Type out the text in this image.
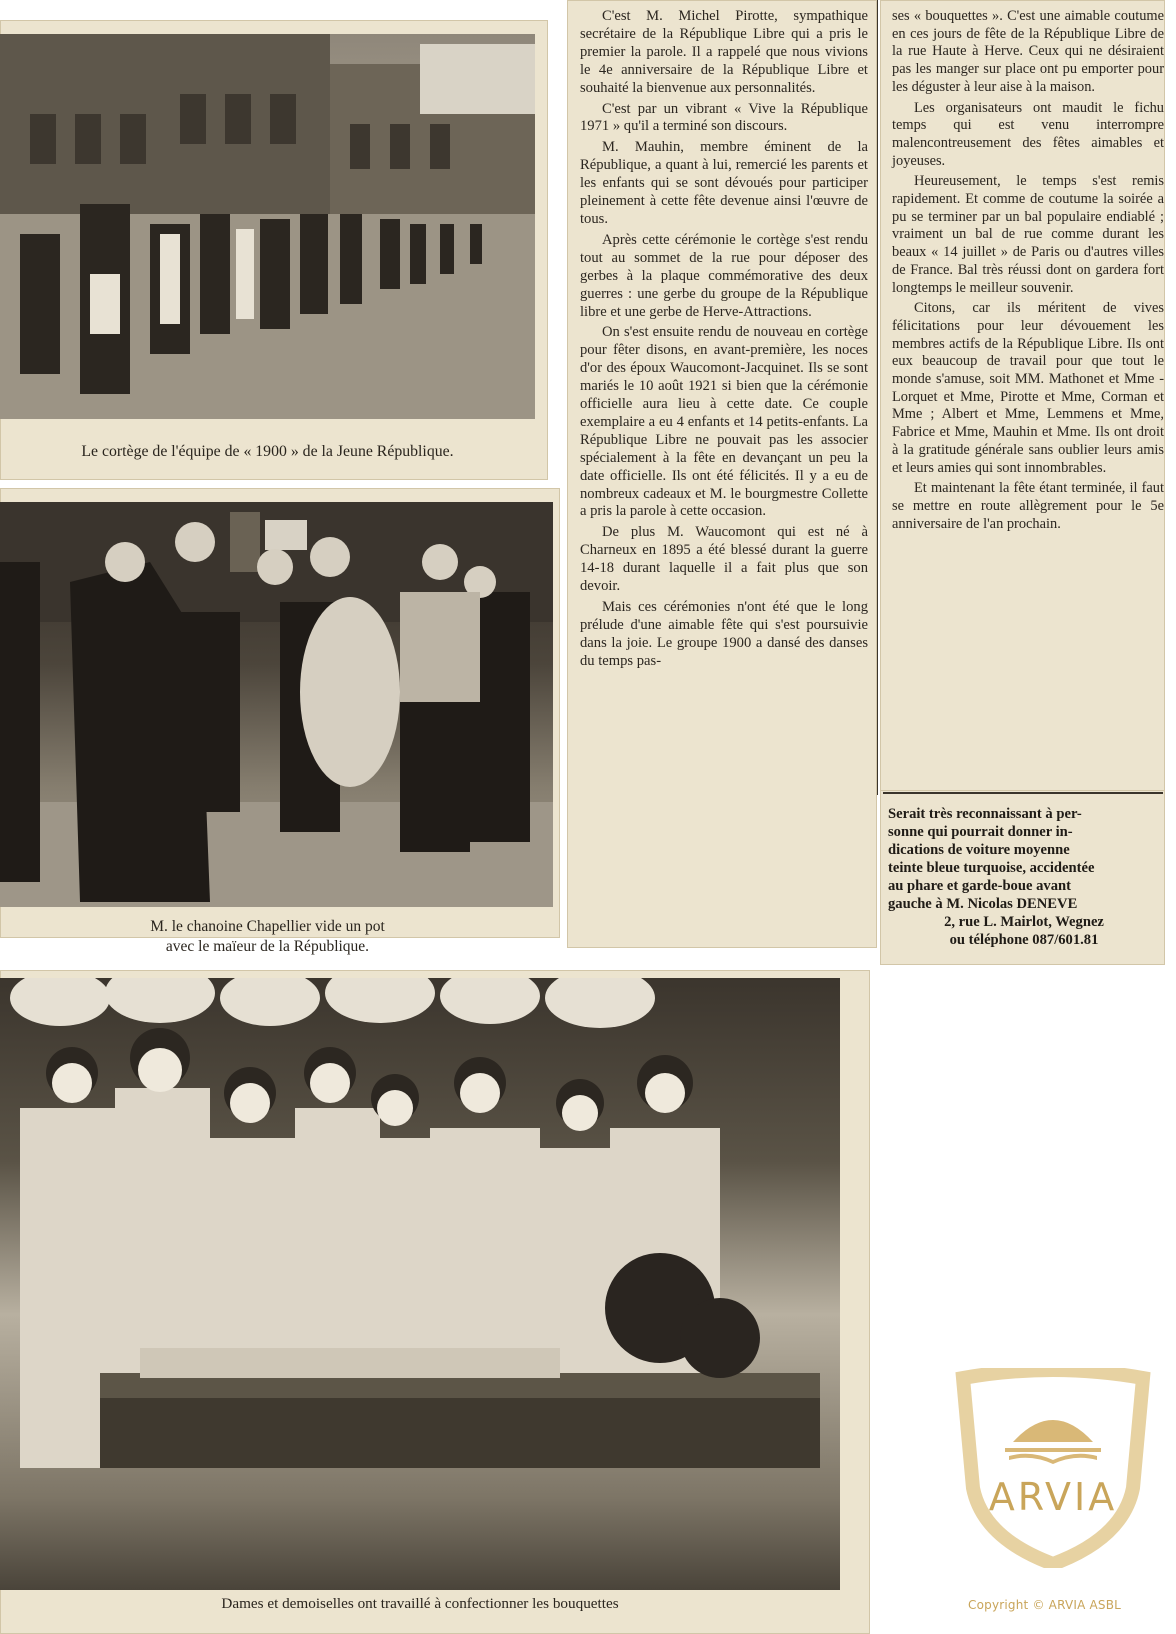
Le cortège de l'équipe de « 1900 » de la Jeune République.
M. le chanoine Chapellier vide un pot
avec le maïeur de la République.

C'est M. Michel Pirotte, sympathique secrétaire de la République Libre qui a pris le premier la parole. Il a rappelé que nous vivions le 4e anniversaire de la République Libre et souhaité la bienvenue aux personnalités.

C'est par un vibrant « Vive la République 1971 » qu'il a terminé son discours.

M. Mauhin, membre éminent de la République, a quant à lui, remercié les parents et les enfants qui se sont dévoués pour participer pleinement à cette fête devenue ainsi l'œuvre de tous.

Après cette cérémonie le cortège s'est rendu tout au sommet de la rue pour déposer des gerbes à la plaque commémorative des deux guerres : une gerbe du groupe de la République libre et une gerbe de Herve-Attractions.

On s'est ensuite rendu de nouveau en cortège pour fêter disons, en avant-première, les noces d'or des époux Waucomont-Jacquinet. Ils se sont mariés le 10 août 1921 si bien que la cérémonie officielle aura lieu à cette date. Ce couple exemplaire a eu 4 enfants et 14 petits-enfants. La République Libre ne pouvait pas les associer spécialement à la fête en devançant un peu la date officielle. Ils ont été félicités. Il y a eu de nombreux cadeaux et M. le bourgmestre Collette a pris la parole à cette occasion.

De plus M. Waucomont qui est né à Charneux en 1895 a été blessé durant la guerre 14-18 durant laquelle il a fait plus que son devoir.

Mais ces cérémonies n'ont été que le long prélude d'une aimable fête qui s'est poursuivie dans la joie. Le groupe 1900 a dansé des danses du temps pas-

ses « bouquettes ». C'est une aimable coutume en ces jours de fête de la République Libre de la rue Haute à Herve. Ceux qui ne désiraient pas les manger sur place ont pu emporter pour les déguster à leur aise à la maison.

Les organisateurs ont maudit le fichu temps qui est venu interrompre malencontreusement des fêtes aimables et joyeuses.

Heureusement, le temps s'est remis rapidement. Et comme de coutume la soirée a pu se terminer par un bal populaire endiablé ; vraiment un bal de rue comme durant les beaux « 14 juillet » de Paris ou d'autres villes de France. Bal très réussi dont on gardera fort longtemps le meilleur souvenir.

Citons, car ils méritent de vives félicitations pour leur dévouement les membres actifs de la République Libre. Ils ont eux beaucoup de travail pour que tout le monde s'amuse, soit MM. Mathonet et Mme - Lorquet et Mme, Pirotte et Mme, Corman et Mme ; Albert et Mme, Lemmens et Mme, Fabrice et Mme, Mauhin et Mme. Ils ont droit à la gratitude générale sans oublier leurs amis et leurs amies qui sont innombrables.

Et maintenant la fête étant terminée, il faut se mettre en route allègrement pour le 5e anniversaire de l'an prochain.

Serait très reconnaissant à per-
sonne qui pourrait donner in-
dications de voiture moyenne
teinte bleue turquoise, accidentée
au phare et garde-boue avant
gauche à M. Nicolas DENEVE
2, rue L. Mairlot, Wegnez
ou téléphone 087/601.81
Dames et demoiselles ont travaillé à confectionner les bouquettes
ARVIA
Copyright © ARVIA ASBL
